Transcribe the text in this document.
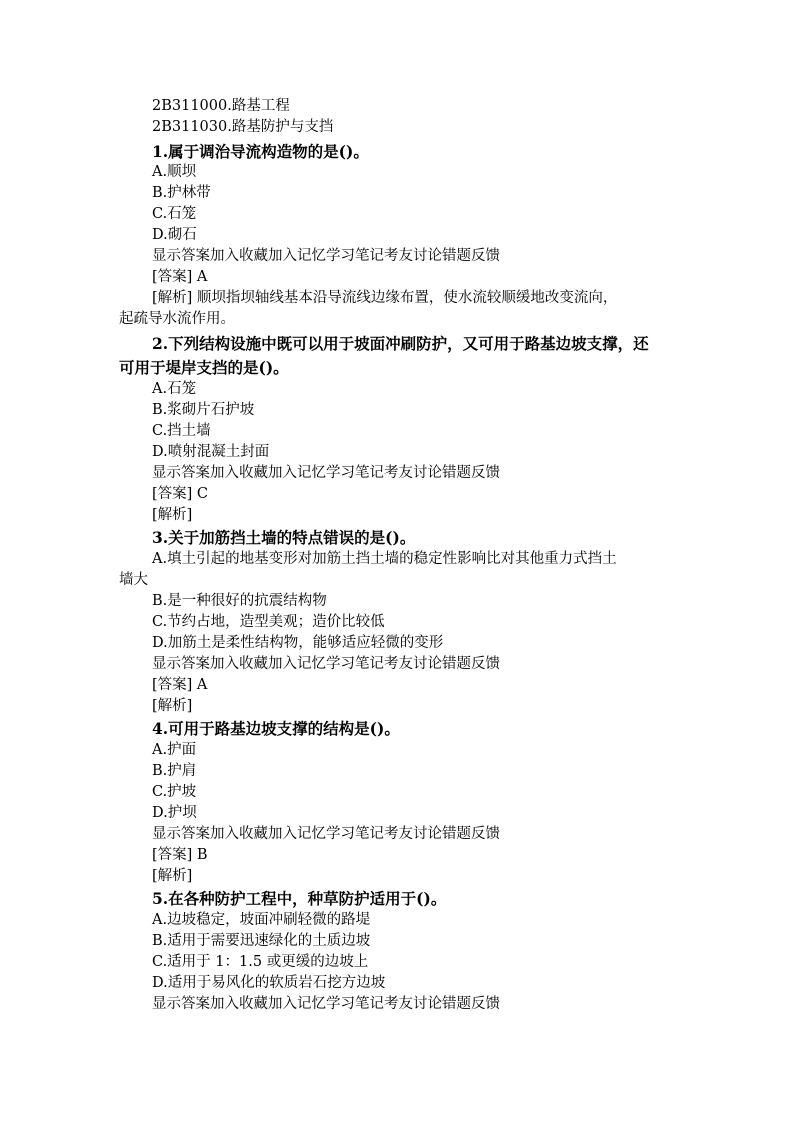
2B311000.路基工程
2B311030.路基防护与支挡
1.属于调治导流构造物的是()。
A.顺坝
B.护林带
C.石笼
D.砌石
显示答案加入收藏加入记忆学习笔记考友讨论错题反馈
[答案] A
[解析] 顺坝指坝轴线基本沿导流线边缘布置，使水流较顺缓地改变流向，
起疏导水流作用。
2.下列结构设施中既可以用于坡面冲刷防护，又可用于路基边坡支撑，还
可用于堤岸支挡的是()。
A.石笼
B.浆砌片石护坡
C.挡土墙
D.喷射混凝土封面
显示答案加入收藏加入记忆学习笔记考友讨论错题反馈
[答案] C
[解析]
3.关于加筋挡土墙的特点错误的是()。
A.填土引起的地基变形对加筋土挡土墙的稳定性影响比对其他重力式挡土
墙大
B.是一种很好的抗震结构物
C.节约占地，造型美观；造价比较低
D.加筋土是柔性结构物，能够适应轻微的变形
显示答案加入收藏加入记忆学习笔记考友讨论错题反馈
[答案] A
[解析]
4.可用于路基边坡支撑的结构是()。
A.护面
B.护肩
C.护坡
D.护坝
显示答案加入收藏加入记忆学习笔记考友讨论错题反馈
[答案] B
[解析]
5.在各种防护工程中，种草防护适用于()。
A.边坡稳定，坡面冲刷轻微的路堤
B.适用于需要迅速绿化的土质边坡
C.适用于 1：1.5 或更缓的边坡上
D.适用于易风化的软质岩石挖方边坡
显示答案加入收藏加入记忆学习笔记考友讨论错题反馈
